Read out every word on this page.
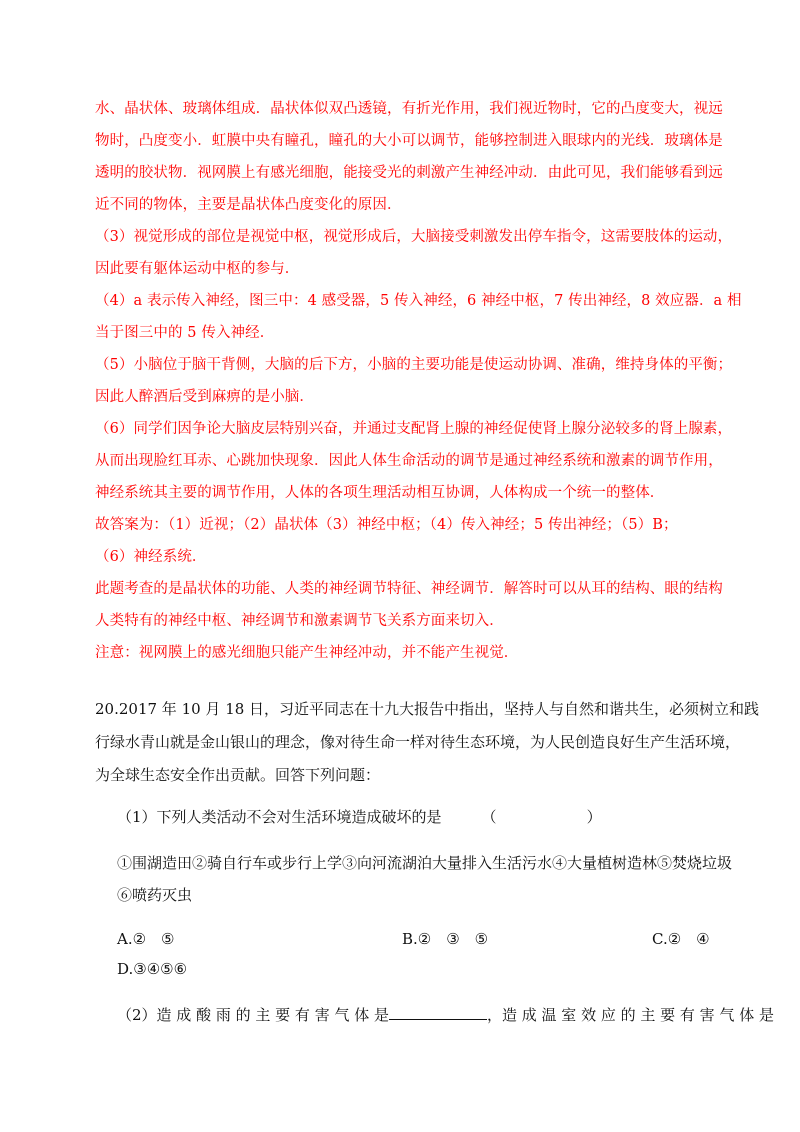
水、晶状体、玻璃体组成．晶状体似双凸透镜，有折光作用，我们视近物时，它的凸度变大，视远
物时，凸度变小．虹膜中央有瞳孔，瞳孔的大小可以调节，能够控制进入眼球内的光线．玻璃体是
透明的胶状物．视网膜上有感光细胞，能接受光的刺激产生神经冲动．由此可见，我们能够看到远
近不同的物体，主要是晶状体凸度变化的原因．
（3）视觉形成的部位是视觉中枢，视觉形成后，大脑接受刺激发出停车指令，这需要肢体的运动，
因此要有躯体运动中枢的参与．
（4）a 表示传入神经，图三中：4 感受器，5 传入神经，6 神经中枢，7 传出神经，8 效应器．a 相
当于图三中的 5 传入神经．
（5）小脑位于脑干背侧，大脑的后下方，小脑的主要功能是使运动协调、准确，维持身体的平衡；
因此人醉酒后受到麻痹的是小脑．
（6）同学们因争论大脑皮层特别兴奋，并通过支配肾上腺的神经促使肾上腺分泌较多的肾上腺素，
从而出现脸红耳赤、心跳加快现象．因此人体生命活动的调节是通过神经系统和激素的调节作用，
神经系统其主要的调节作用，人体的各项生理活动相互协调，人体构成一个统一的整体．
故答案为：（1）近视；（2）晶状体（3）神经中枢；（4）传入神经；5 传出神经；（5）B；
（6）神经系统．
此题考查的是晶状体的功能、人类的神经调节特征、神经调节．解答时可以从耳的结构、眼的结构
人类特有的神经中枢、神经调节和激素调节飞关系方面来切入．
注意：视网膜上的感光细胞只能产生神经冲动，并不能产生视觉．
20.2017 年 10 月 18 日，习近平同志在十九大报告中指出，坚持人与自然和谐共生，必须树立和践
行绿水青山就是金山银山的理念，像对待生命一样对待生态环境，为人民创造良好生产生活环境，
为全球生态安全作出贡献。回答下列问题：
（1）下列人类活动不会对生活环境造成破坏的是	（	）
①围湖造田②骑自行车或步行上学③向河流湖泊大量排入生活污水④大量植树造林⑤焚烧垃圾
⑥喷药灭虫
A.②　⑤	B.②　③　⑤	C.②　④
D.③④⑤⑥
（2）造 成 酸 雨 的 主 要 有 害 气 体 是	，造 成 温 室 效 应 的 主 要 有 害 气 体 是
